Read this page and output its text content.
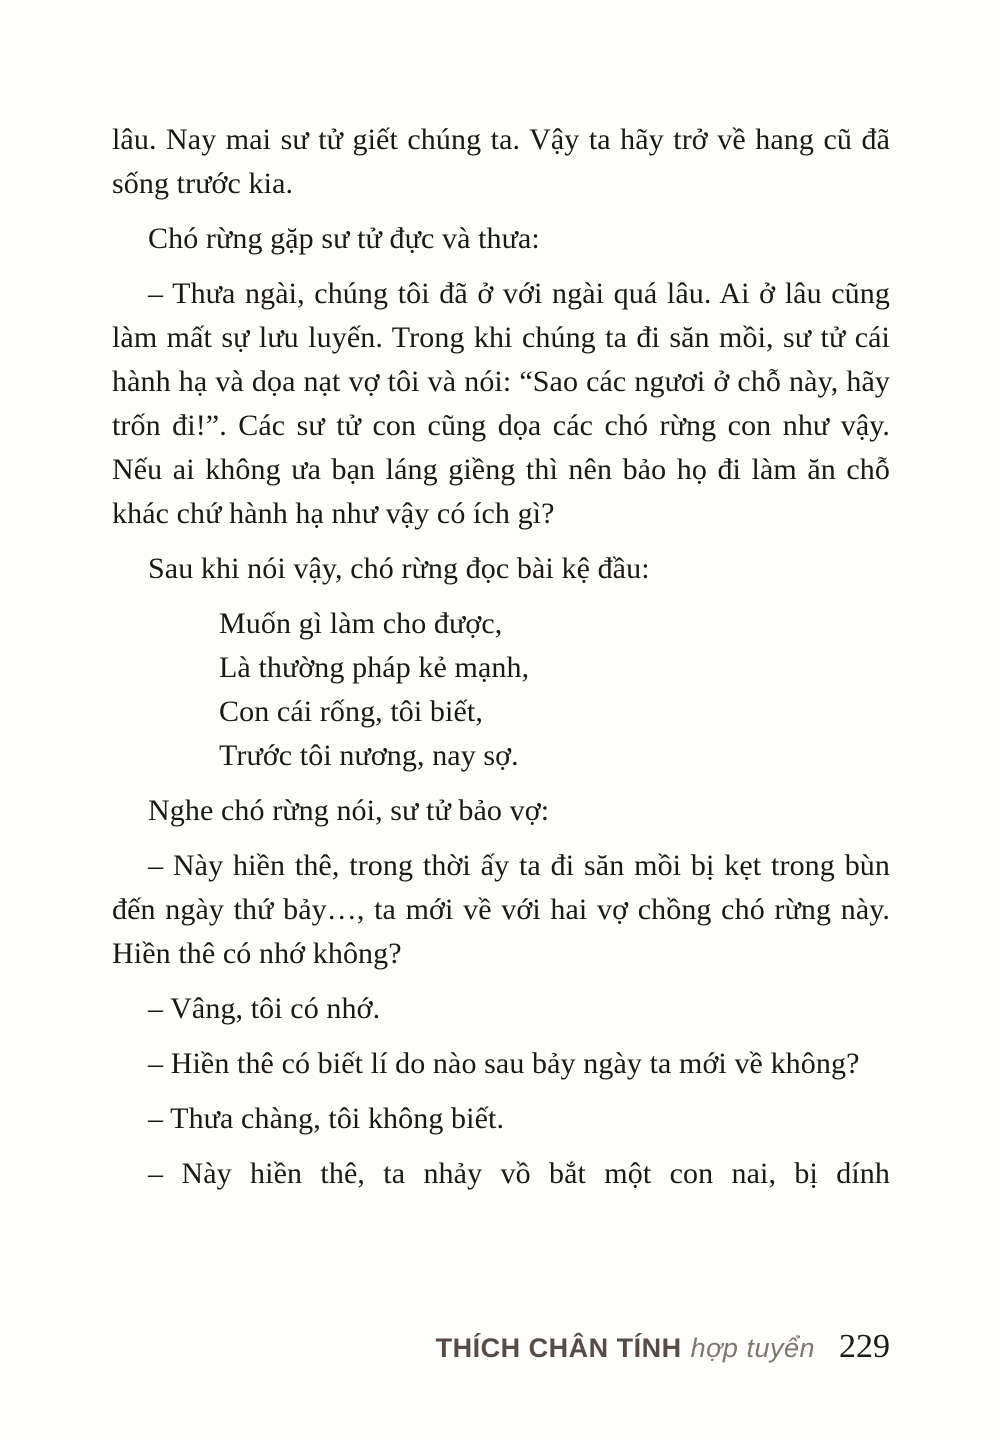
lâu. Nay mai sư tử giết chúng ta. Vậy ta hãy trở về hang cũ đã sống trước kia.

Chó rừng gặp sư tử đực và thưa:

– Thưa ngài, chúng tôi đã ở với ngài quá lâu. Ai ở lâu cũng làm mất sự lưu luyến. Trong khi chúng ta đi săn mồi, sư tử cái hành hạ và dọa nạt vợ tôi và nói: “Sao các ngươi ở chỗ này, hãy trốn đi!”. Các sư tử con cũng dọa các chó rừng con như vậy. Nếu ai không ưa bạn láng giềng thì nên bảo họ đi làm ăn chỗ khác chứ hành hạ như vậy có ích gì?

Sau khi nói vậy, chó rừng đọc bài kệ đầu:

Muốn gì làm cho được,

Là thường pháp kẻ mạnh,

Con cái rống, tôi biết,

Trước tôi nương, nay sợ.

Nghe chó rừng nói, sư tử bảo vợ:

– Này hiền thê, trong thời ấy ta đi săn mồi bị kẹt trong bùn đến ngày thứ bảy…, ta mới về với hai vợ chồng chó rừng này. Hiền thê có nhớ không?

– Vâng, tôi có nhớ.

– Hiền thê có biết lí do nào sau bảy ngày ta mới về không?

– Thưa chàng, tôi không biết.

– Này hiền thê, ta nhảy vồ bắt một con nai, bị dính

THÍCH CHÂN TÍNH hợp tuyển 229
